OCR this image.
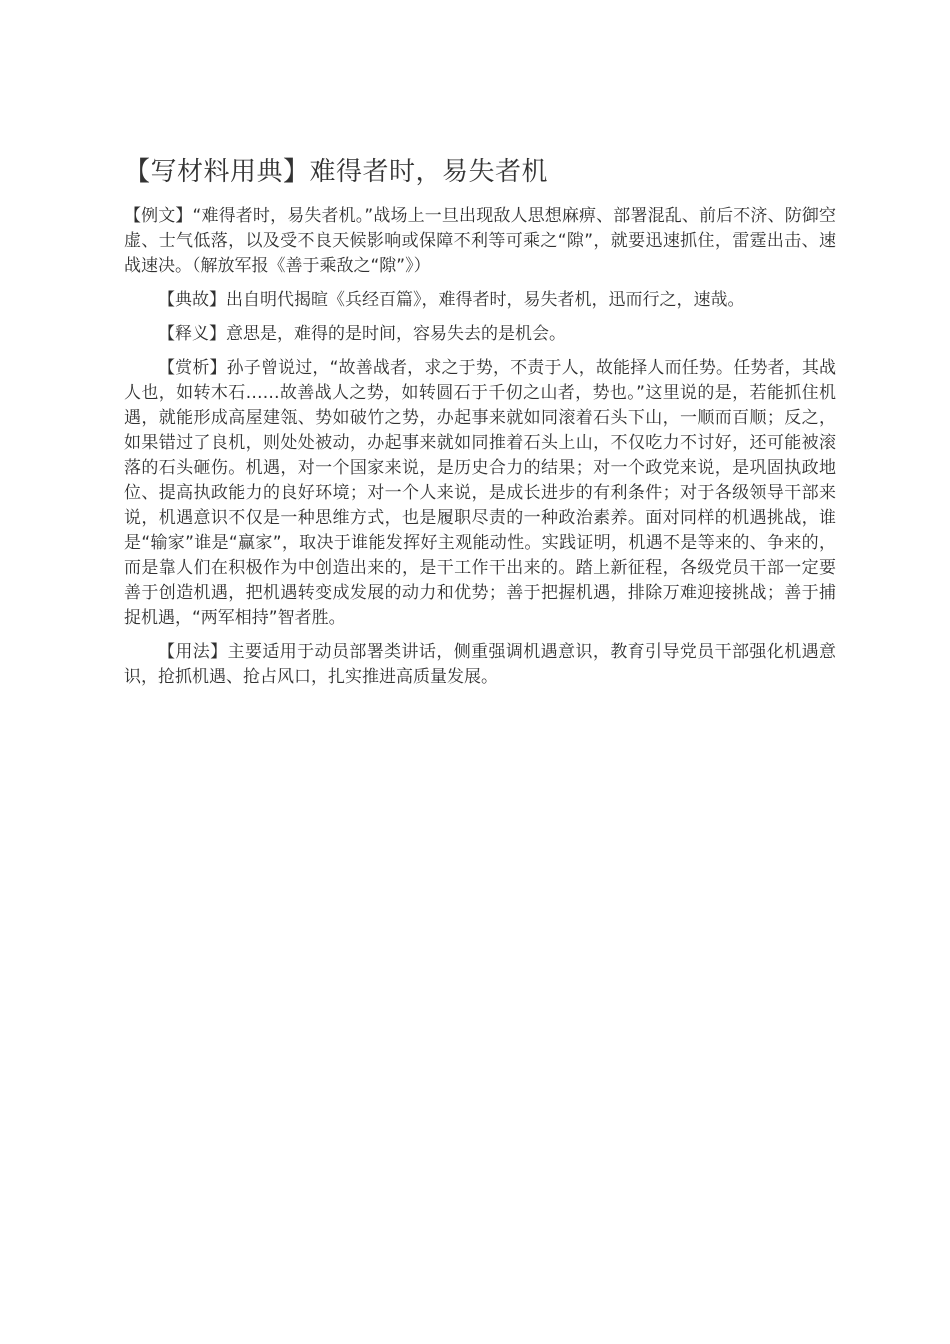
【写材料用典】难得者时，易失者机

【例文】“难得者时，易失者机。”战场上一旦出现敌人思想麻痹、部署混乱、前后不济、防御空虚、士气低落，以及受不良天候影响或保障不利等可乘之“隙”，就要迅速抓住，雷霆出击、速战速决。（解放军报《善于乘敌之“隙”》）

【典故】出自明代揭暄《兵经百篇》，难得者时，易失者机，迅而行之，速哉。

【释义】意思是，难得的是时间，容易失去的是机会。

【赏析】孙子曾说过，“故善战者，求之于势，不责于人，故能择人而任势。任势者，其战人也，如转木石……故善战人之势，如转圆石于千仞之山者，势也。”这里说的是，若能抓住机遇，就能形成高屋建瓴、势如破竹之势，办起事来就如同滚着石头下山，一顺而百顺；反之，如果错过了良机，则处处被动，办起事来就如同推着石头上山，不仅吃力不讨好，还可能被滚落的石头砸伤。机遇，对一个国家来说，是历史合力的结果；对一个政党来说，是巩固执政地位、提高执政能力的良好环境；对一个人来说，是成长进步的有利条件；对于各级领导干部来说，机遇意识不仅是一种思维方式，也是履职尽责的一种政治素养。面对同样的机遇挑战，谁是“输家”谁是“赢家”，取决于谁能发挥好主观能动性。实践证明，机遇不是等来的、争来的，而是靠人们在积极作为中创造出来的，是干工作干出来的。踏上新征程，各级党员干部一定要善于创造机遇，把机遇转变成发展的动力和优势；善于把握机遇，排除万难迎接挑战；善于捕捉机遇，“两军相持”智者胜。

【用法】主要适用于动员部署类讲话，侧重强调机遇意识，教育引导党员干部强化机遇意识，抢抓机遇、抢占风口，扎实推进高质量发展。
